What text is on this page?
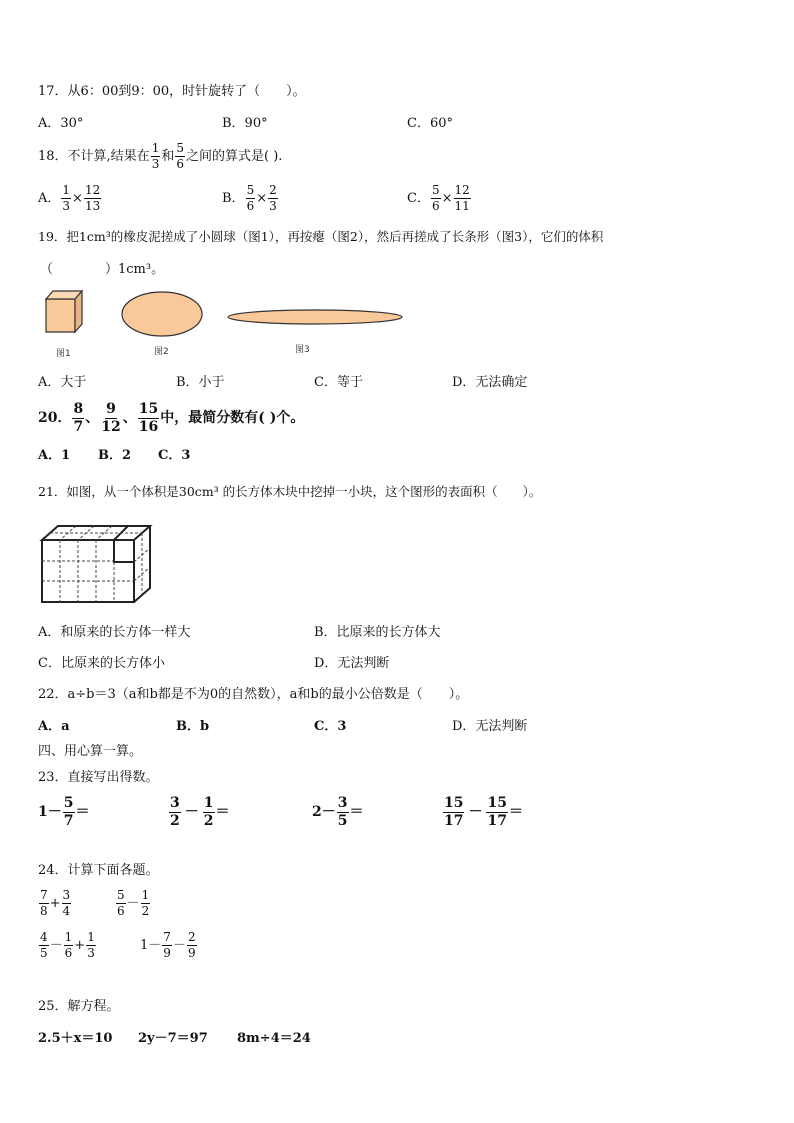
17．从6：00到9：00，时针旋转了（　　）。
A．30°	B．90°	C．60°
18． 不计算,结果在 $\frac{1}{3}$ 和 $\frac{5}{6}$ 之间的算式是( ).
A． $\frac{1}{3} \times \frac{12}{13}$	B． $\frac{5}{6} \times \frac{2}{3}$	C． $\frac{5}{6} \times \frac{12}{11}$
19．把1cm³的橡皮泥搓成了小圆球（图1），再按瘪（图2），然后再搓成了长条形（图3），它们的体积
（　　　　）1cm³。
图1	图2	图3
A．大于	B．小于	C．等于	D．无法确定
20． $\frac{8}{7}$ 、 $\frac{9}{12}$ 、 $\frac{15}{16}$ 中，最简分数有( )个。
A．1 B．2 C．3
21．如图，从一个体积是30cm³ 的长方体木块中挖掉一小块，这个图形的表面积（　　）。
A．和原来的长方体一样大	B．比原来的长方体大
C．比原来的长方体小	D．无法判断
22．a÷b＝3（a和b都是不为0的自然数），a和b的最小公倍数是（　　）。
A．a	B．b	C．3	D．无法判断
四、用心算一算。
23．直接写出得数。
$1 - \frac{5}{7}$ ＝	$\frac{3}{2} - \frac{1}{2}$ ＝	$2 - \frac{3}{5}$ ＝	$\frac{15}{17} - \frac{15}{17}$ ＝
24．计算下面各题。
$\frac{7}{8} + \frac{3}{4}$	$\frac{5}{6} - \frac{1}{2}$
$\frac{4}{5} - \frac{1}{6} + \frac{1}{3}$	$1 - \frac{7}{9} - \frac{2}{9}$
25．解方程。
2.5＋x＝10 2y－7＝97 8m÷4＝24
